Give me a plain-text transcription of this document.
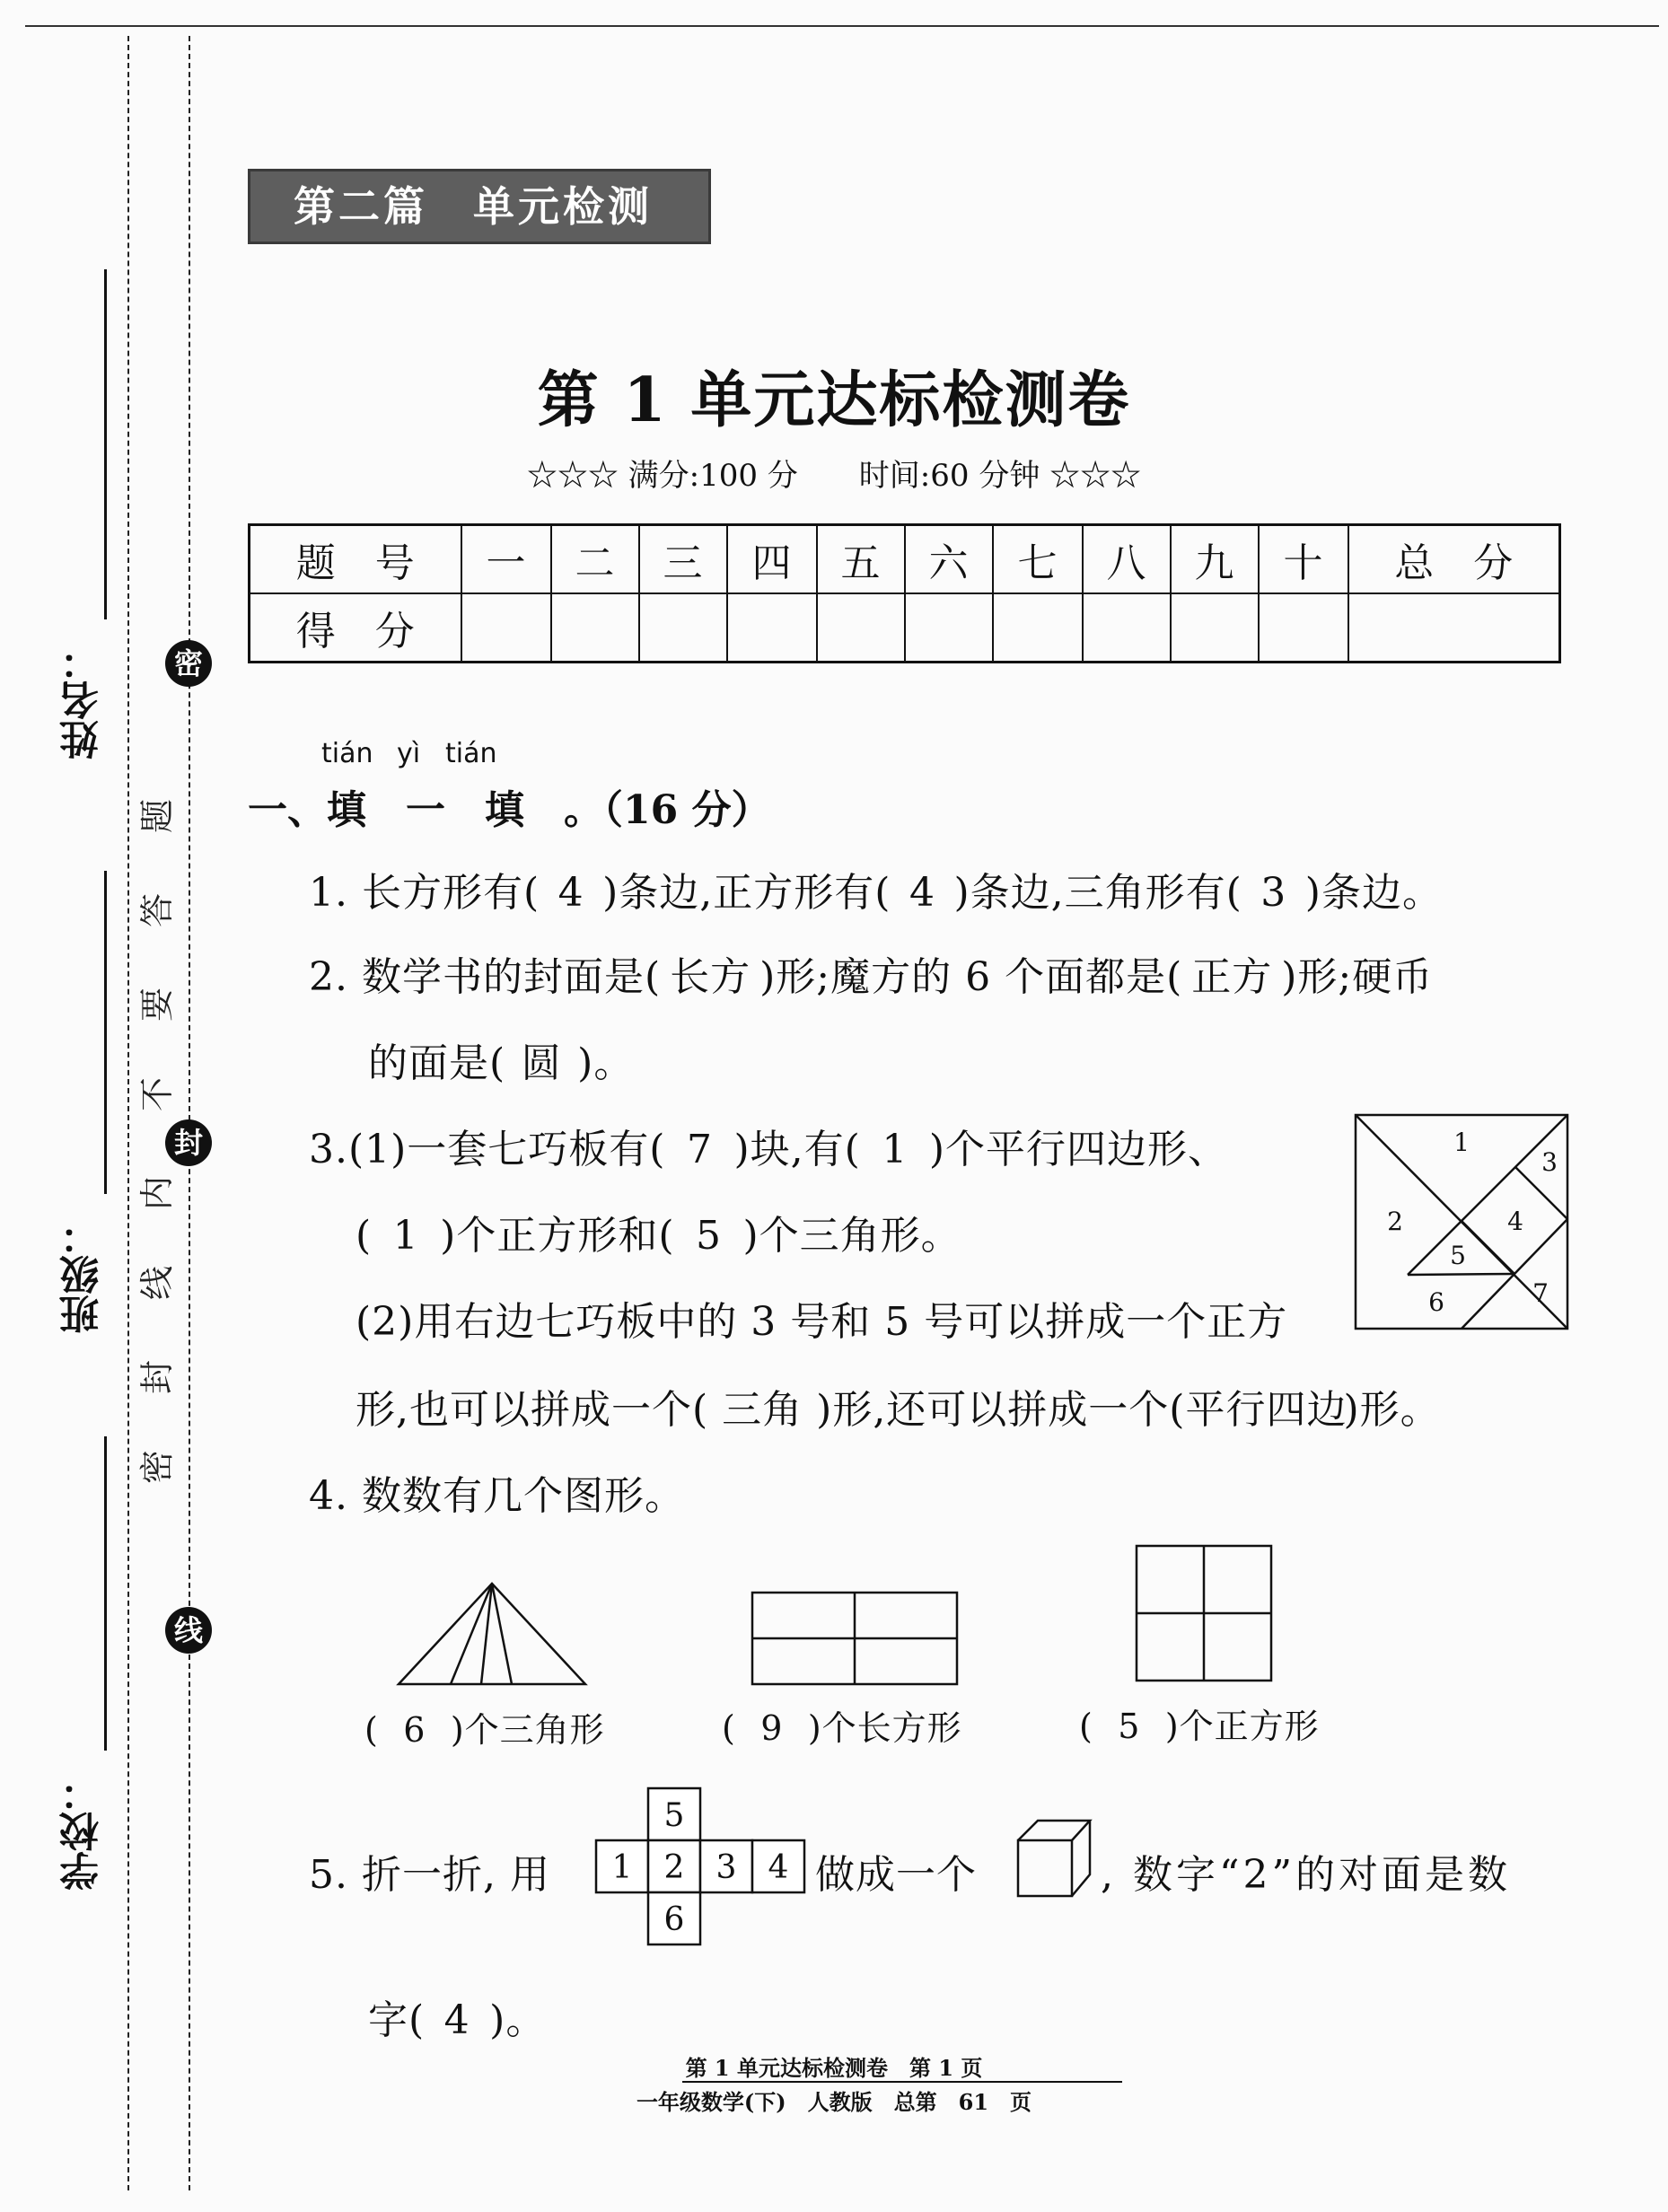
姓名：
班级：
学校：
密
封
线
题
答
要
不
内
线
封
密
第二篇　单元检测
第 1 单元达标检测卷
☆☆☆ 满分:100 分　　时间:60 分钟 ☆☆☆
题　号	一	二	三	四	五	六	七	八	九	十	总　分
得　分											
tián yì tián
一、填　一　填　。（16 分）
1. 长方形有( 4 )条边,正方形有( 4 )条边,三角形有( 3 )条边。
2. 数学书的封面是( 长方 )形;魔方的 6 个面都是( 正方 )形;硬币
的面是( 圆 )。
3.(1)一套七巧板有( 7 )块,有( 1 )个平行四边形、
( 1 )个正方形和( 5 )个三角形。
(2)用右边七巧板中的 3 号和 5 号可以拼成一个正方
形,也可以拼成一个( 三角 )形,还可以拼成一个(平行四边)形。
1
2
3
4
5
6	7
4. 数数有几个图形。
( 6 )个三角形	( 9 )个长方形	( 5 )个正方形
5. 折一折, 用
5
1 2 3 4
6
做成一个	, 数字“2”的对面是数
字( 4 )。
第 1 单元达标检测卷　第 1 页
一年级数学(下)　人教版　总第　61　页
